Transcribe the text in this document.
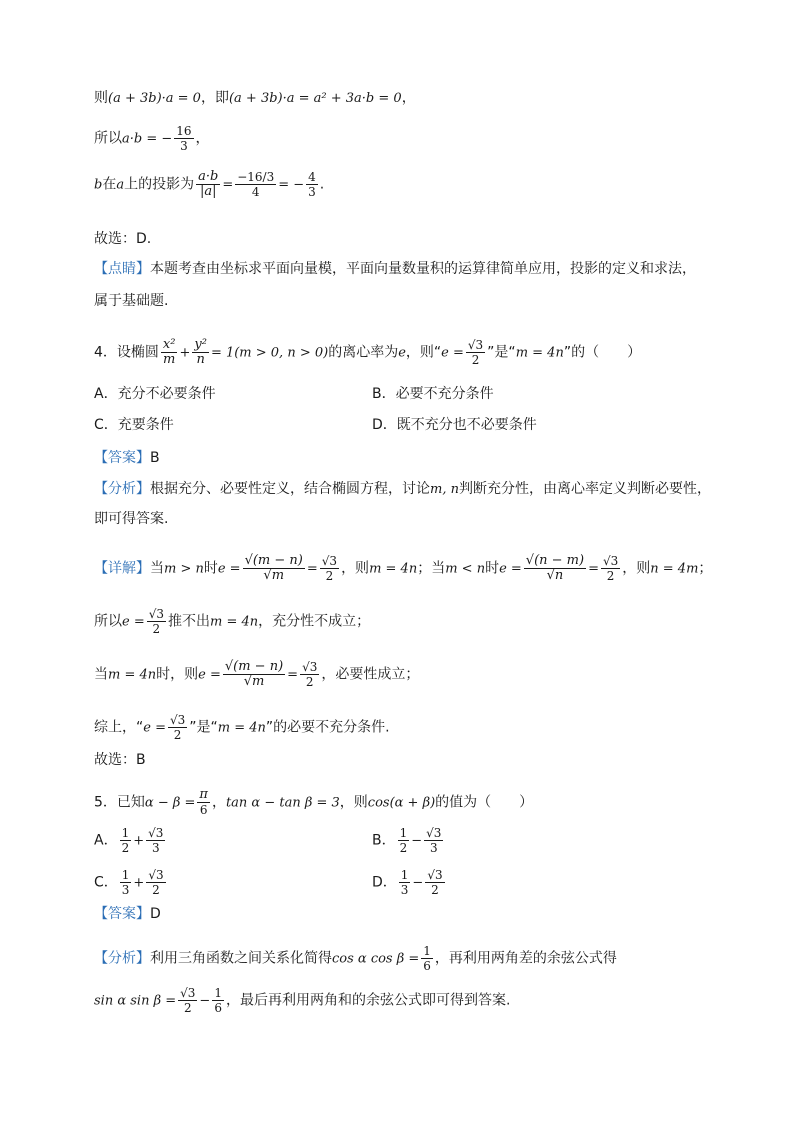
则(a + 3b)·a = 0，即(a + 3b)·a = a² + 3a·b = 0，
所以a·b = − $\frac{16}{3}$ ，
b在a上的投影为 $\frac{a\cdot b}{|a|} = \frac{-16/3}{4}$ = − $\frac{4}{3}$ .
故选：D.
【点睛】本题考查由坐标求平面向量模，平面向量数量积的运算律简单应用，投影的定义和求法，
属于基础题.
4．设椭圆 $\frac{\text{x²}}{m} + \frac{\text{y²}}{n} = 1(m > 0$, n > 0)的离心率为e，则“$e = \frac{√3}{2}$ ”是“m = 4n”的（　　）
A．充分不必要条件	B．必要不充分条件
C．充要条件	D．既不充分也不必要条件
【答案】B
【分析】根据充分、必要性定义，结合椭圆方程，讨论m, n判断充分性，由离心率定义判断必要性，
即可得答案.
【详解】当m > n时$e = \frac{√(m - n)}{√m} = \frac{√3}{2}$ ，则m = 4n；当m < n时$e = \frac{√(n - m)}{√n} = \frac{√3}{2}$ ，则n = 4m；
所以$e = \frac{√3}{2}$ 推不出m = 4n，充分性不成立；
当m = 4n时，则$e = \frac{√(m - n)}{√m} = \frac{√3}{2}$ ，必要性成立；
综上，“$e = \frac{√3}{2}$ ”是“m = 4n”的必要不充分条件.
故选：B
5．已知$\alpha - \beta = \frac{\pi}{6}$ ，tan α − tan β = 3，则cos(α + β)的值为（　　）
A． $\frac{1}{2} + \frac{√3}{3}$	B． $\frac{1}{2} - \frac{√3}{3}$
C． $\frac{1}{3} + \frac{√3}{2}$	D． $\frac{1}{3} - \frac{√3}{2}$
【答案】D
【分析】利用三角函数之间关系化简得cos α $\cos \beta = \frac{1}{6}$ ，再利用两角差的余弦公式得
sin α $\sin \beta = \frac{√3}{2} - \frac{1}{6}$ ，最后再利用两角和的余弦公式即可得到答案.
